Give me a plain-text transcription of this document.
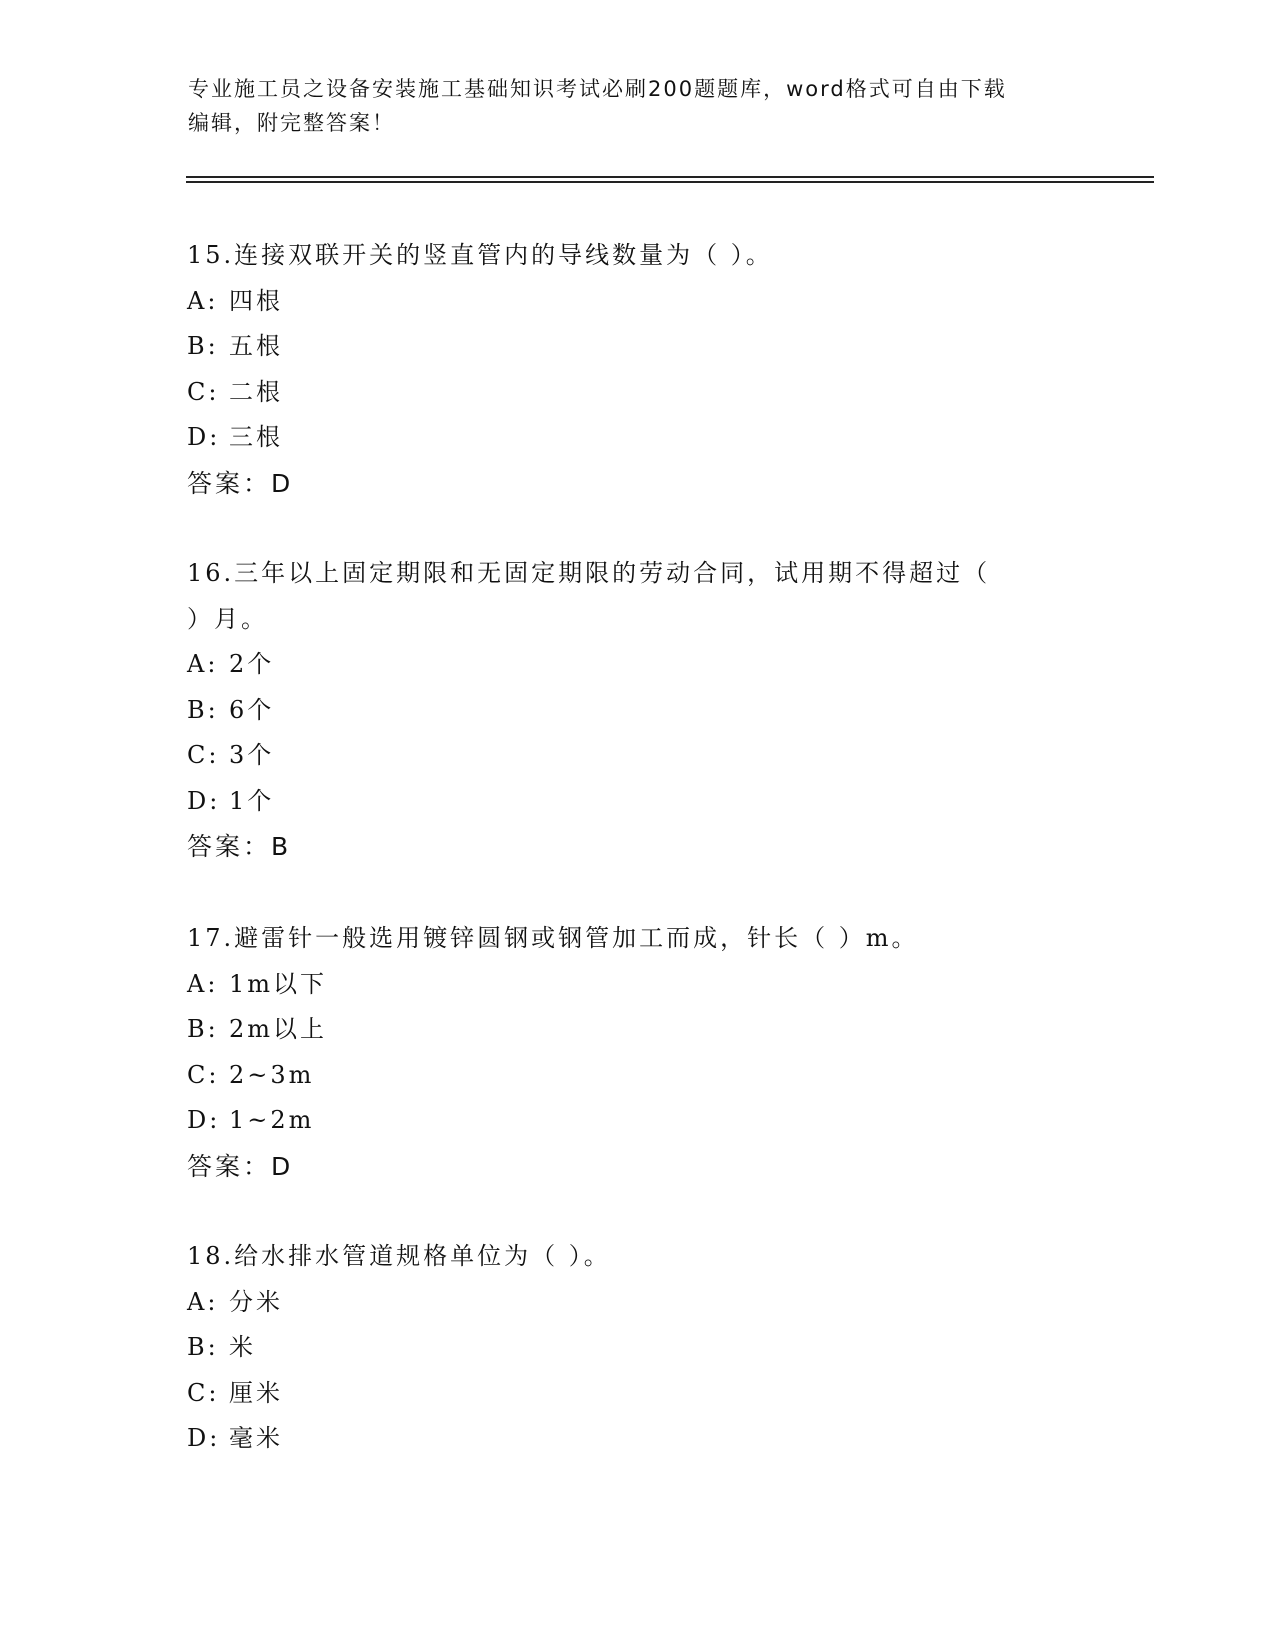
专业施工员之设备安装施工基础知识考试必刷200题题库，word格式可自由下载
编辑，附完整答案！
15.连接双联开关的竖直管内的导线数量为（ ）。
A: 四根
B: 五根
C: 二根
D: 三根
答案：D
16.三年以上固定期限和无固定期限的劳动合同，试用期不得超过（
）月。
A: 2个
B: 6个
C: 3个
D: 1个
答案：B
17.避雷针一般选用镀锌圆钢或钢管加工而成，针长（ ）m。
A: 1m以下
B: 2m以上
C: 2~3m
D: 1~2m
答案：D
18.给水排水管道规格单位为（ ）。
A: 分米
B: 米
C: 厘米
D: 毫米
